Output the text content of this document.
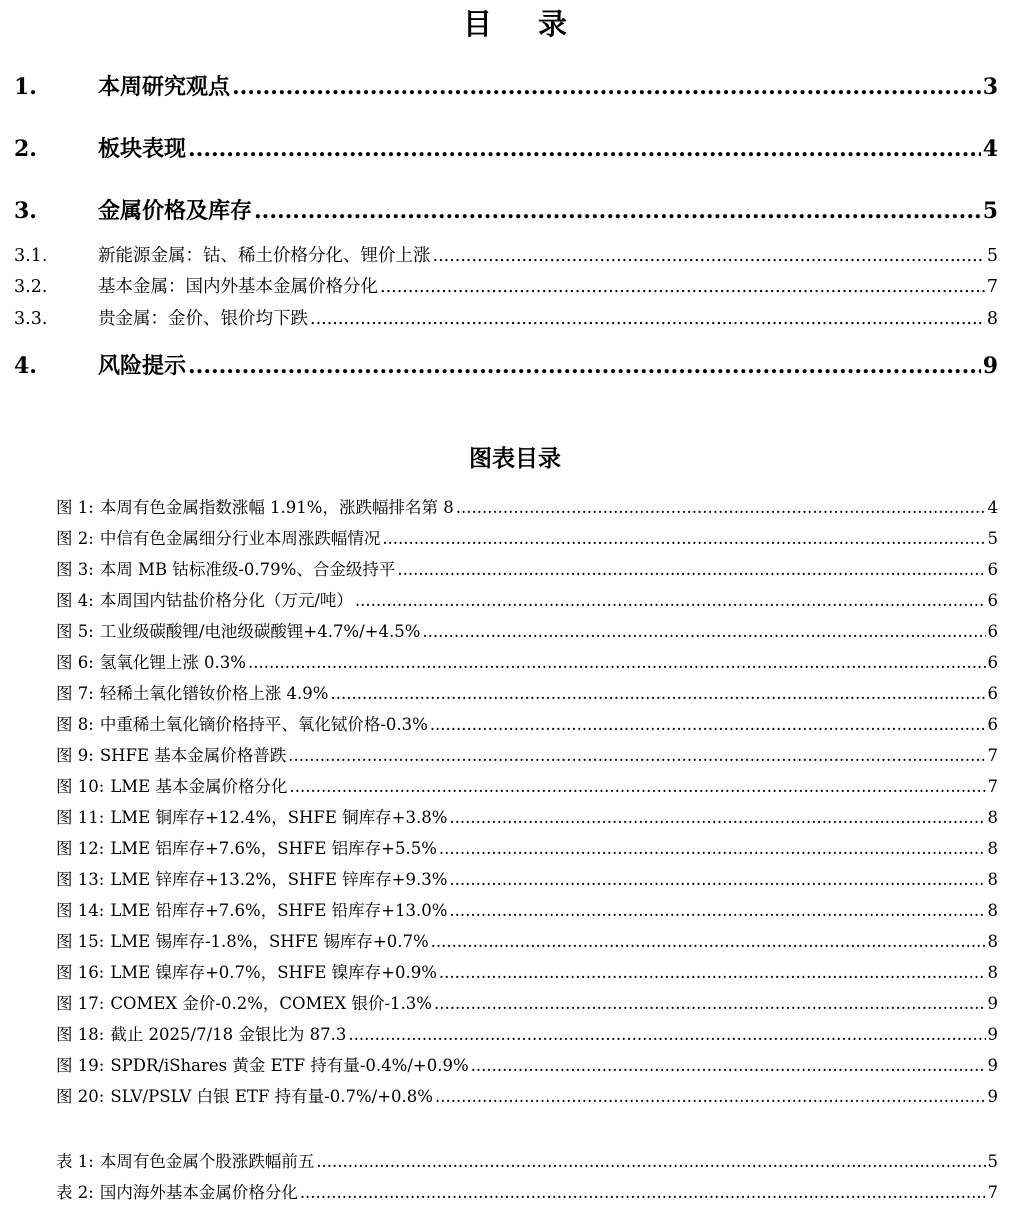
目 录
1.	本周研究观点 .....	3
2.	板块表现 .....	4
3.	金属价格及库存 .....	5
3.1.	新能源金属：钴、稀土价格分化、锂价上涨 .....	5
3.2.	基本金属：国内外基本金属价格分化 .....	7
3.3.	贵金属：金价、银价均下跌 .....	8
4.	风险提示 .....	9
图表目录
图 1: 本周有色金属指数涨幅 1.91%，涨跌幅排名第 8 .....	4
图 2: 中信有色金属细分行业本周涨跌幅情况 .....	5
图 3: 本周 MB 钴标准级-0.79%、合金级持平 .....	6
图 4: 本周国内钴盐价格分化（万元/吨） .....	6
图 5: 工业级碳酸锂/电池级碳酸锂+4.7%/+4.5% .....	6
图 6: 氢氧化锂上涨 0.3% .....	6
图 7: 轻稀土氧化镨钕价格上涨 4.9% .....	6
图 8: 中重稀土氧化镝价格持平、氧化铽价格-0.3% .....	6
图 9: SHFE 基本金属价格普跌 .....	7
图 10: LME 基本金属价格分化 .....	7
图 11: LME 铜库存+12.4%，SHFE 铜库存+3.8% .....	8
图 12: LME 铝库存+7.6%，SHFE 铝库存+5.5% .....	8
图 13: LME 锌库存+13.2%，SHFE 锌库存+9.3% .....	8
图 14: LME 铅库存+7.6%，SHFE 铅库存+13.0% .....	8
图 15: LME 锡库存-1.8%，SHFE 锡库存+0.7% .....	8
图 16: LME 镍库存+0.7%，SHFE 镍库存+0.9% .....	8
图 17: COMEX 金价-0.2%，COMEX 银价-1.3% .....	9
图 18: 截止 2025/7/18 金银比为 87.3 .....	9
图 19: SPDR/iShares 黄金 ETF 持有量-0.4%/+0.9% .....	9
图 20: SLV/PSLV 白银 ETF 持有量-0.7%/+0.8% .....	9
表 1: 本周有色金属个股涨跌幅前五 .....	5
表 2: 国内海外基本金属价格分化 .....	7
